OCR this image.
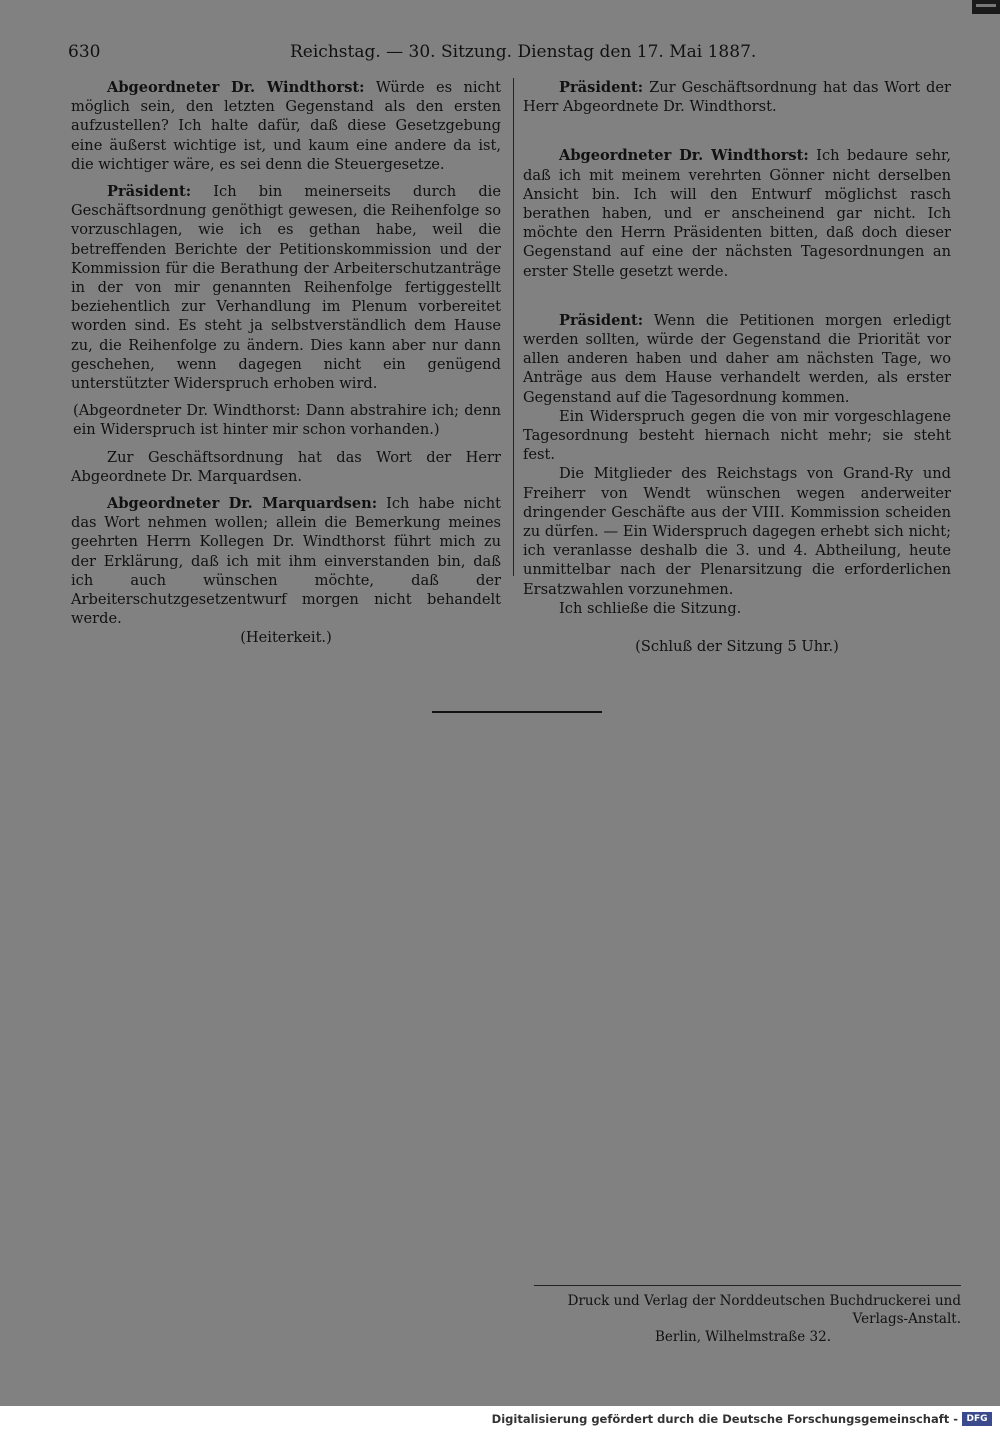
630	Reichstag. — 30. Sitzung. Dienstag den 17. Mai 1887.

Abgeordneter Dr. Windthorst: Würde es nicht möglich sein, den letzten Gegenstand als den ersten aufzustellen? Ich halte dafür, daß diese Gesetzgebung eine äußerst wichtige ist, und kaum eine andere da ist, die wichtiger wäre, es sei denn die Steuergesetze.

Präsident: Ich bin meinerseits durch die Geschäftsordnung genöthigt gewesen, die Reihenfolge so vorzuschlagen, wie ich es gethan habe, weil die betreffenden Berichte der Petitionskommission und der Kommission für die Berathung der Arbeiterschutzanträge in der von mir genannten Reihenfolge fertiggestellt beziehentlich zur Verhandlung im Plenum vorbereitet worden sind. Es steht ja selbstverständlich dem Hause zu, die Reihenfolge zu ändern. Dies kann aber nur dann geschehen, wenn dagegen nicht ein genügend unterstützter Widerspruch erhoben wird.

(Abgeordneter Dr. Windthorst: Dann abstrahire ich; denn ein Widerspruch ist hinter mir schon vorhanden.)

Zur Geschäftsordnung hat das Wort der Herr Abgeordnete Dr. Marquardsen.

Abgeordneter Dr. Marquardsen: Ich habe nicht das Wort nehmen wollen; allein die Bemerkung meines geehrten Herrn Kollegen Dr. Windthorst führt mich zu der Erklärung, daß ich mit ihm einverstanden bin, daß ich auch wünschen möchte, daß der Arbeiterschutzgesetzentwurf morgen nicht behandelt werde.

(Heiterkeit.)

Präsident: Zur Geschäftsordnung hat das Wort der Herr Abgeordnete Dr. Windthorst.

Abgeordneter Dr. Windthorst: Ich bedaure sehr, daß ich mit meinem verehrten Gönner nicht derselben Ansicht bin. Ich will den Entwurf möglichst rasch berathen haben, und er anscheinend gar nicht. Ich möchte den Herrn Präsidenten bitten, daß doch dieser Gegenstand auf eine der nächsten Tagesordnungen an erster Stelle gesetzt werde.

Präsident: Wenn die Petitionen morgen erledigt werden sollten, würde der Gegenstand die Priorität vor allen anderen haben und daher am nächsten Tage, wo Anträge aus dem Hause verhandelt werden, als erster Gegenstand auf die Tagesordnung kommen.

Ein Widerspruch gegen die von mir vorgeschlagene Tagesordnung besteht hiernach nicht mehr; sie steht fest.

Die Mitglieder des Reichstags von Grand-Ry und Freiherr von Wendt wünschen wegen anderweiter dringender Geschäfte aus der VIII. Kommission scheiden zu dürfen. — Ein Widerspruch dagegen erhebt sich nicht; ich veranlasse deshalb die 3. und 4. Abtheilung, heute unmittelbar nach der Plenarsitzung die erforderlichen Ersatzwahlen vorzunehmen.

Ich schließe die Sitzung.

(Schluß der Sitzung 5 Uhr.)

Druck und Verlag der Norddeutschen Buchdruckerei und Verlags-Anstalt.
Berlin, Wilhelmstraße 32.
Digitalisierung gefördert durch die Deutsche Forschungsgemeinschaft - DFG
